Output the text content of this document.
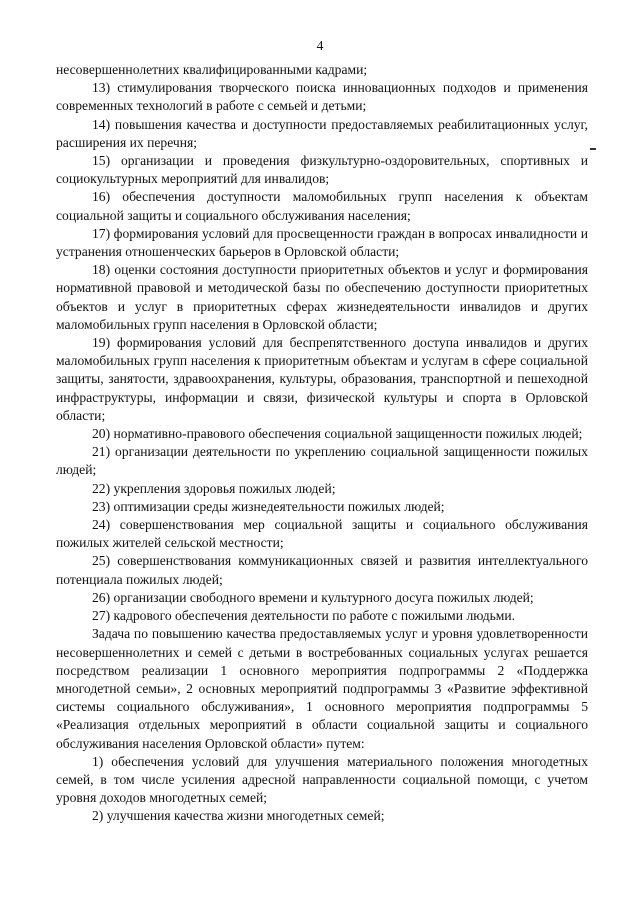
4

несовершеннолетних квалифицированными кадрами;

13) стимулирования творческого поиска инновационных подходов и применения современных технологий в работе с семьей и детьми;

14) повышения качества и доступности предоставляемых реабилитационных услуг, расширения их перечня;

15) организации и проведения физкультурно-оздоровительных, спортивных и социокультурных мероприятий для инвалидов;

16) обеспечения доступности маломобильных групп населения к объектам социальной защиты и социального обслуживания населения;

17) формирования условий для просвещенности граждан в вопросах инвалидности и устранения отношенческих барьеров в Орловской области;

18) оценки состояния доступности приоритетных объектов и услуг и формирования нормативной правовой и методической базы по обеспечению доступности приоритетных объектов и услуг в приоритетных сферах жизнедеятельности инвалидов и других маломобильных групп населения в Орловской области;

19) формирования условий для беспрепятственного доступа инвалидов и других маломобильных групп населения к приоритетным объектам и услугам в сфере социальной защиты, занятости, здравоохранения, культуры, образования, транспортной и пешеходной инфраструктуры, информации и связи, физической культуры и спорта в Орловской области;

20) нормативно-правового обеспечения социальной защищенности пожилых людей;

21) организации деятельности по укреплению социальной защищенности пожилых людей;

22) укрепления здоровья пожилых людей;

23) оптимизации среды жизнедеятельности пожилых людей;

24) совершенствования мер социальной защиты и социального обслуживания пожилых жителей сельской местности;

25) совершенствования коммуникационных связей и развития интеллектуального потенциала пожилых людей;

26) организации свободного времени и культурного досуга пожилых людей;

27) кадрового обеспечения деятельности по работе с пожилыми людьми.

Задача по повышению качества предоставляемых услуг и уровня удовлетворенности несовершеннолетних и семей с детьми в востребованных социальных услугах решается посредством реализации 1 основного мероприятия подпрограммы 2 «Поддержка многодетной семьи», 2 основных мероприятий подпрограммы 3 «Развитие эффективной системы социального обслуживания», 1 основного мероприятия подпрограммы 5 «Реализация отдельных мероприятий в области социальной защиты и социального обслуживания населения Орловской области» путем:

1) обеспечения условий для улучшения материального положения многодетных семей, в том числе усиления адресной направленности социальной помощи, с учетом уровня доходов многодетных семей;

2) улучшения качества жизни многодетных семей;
